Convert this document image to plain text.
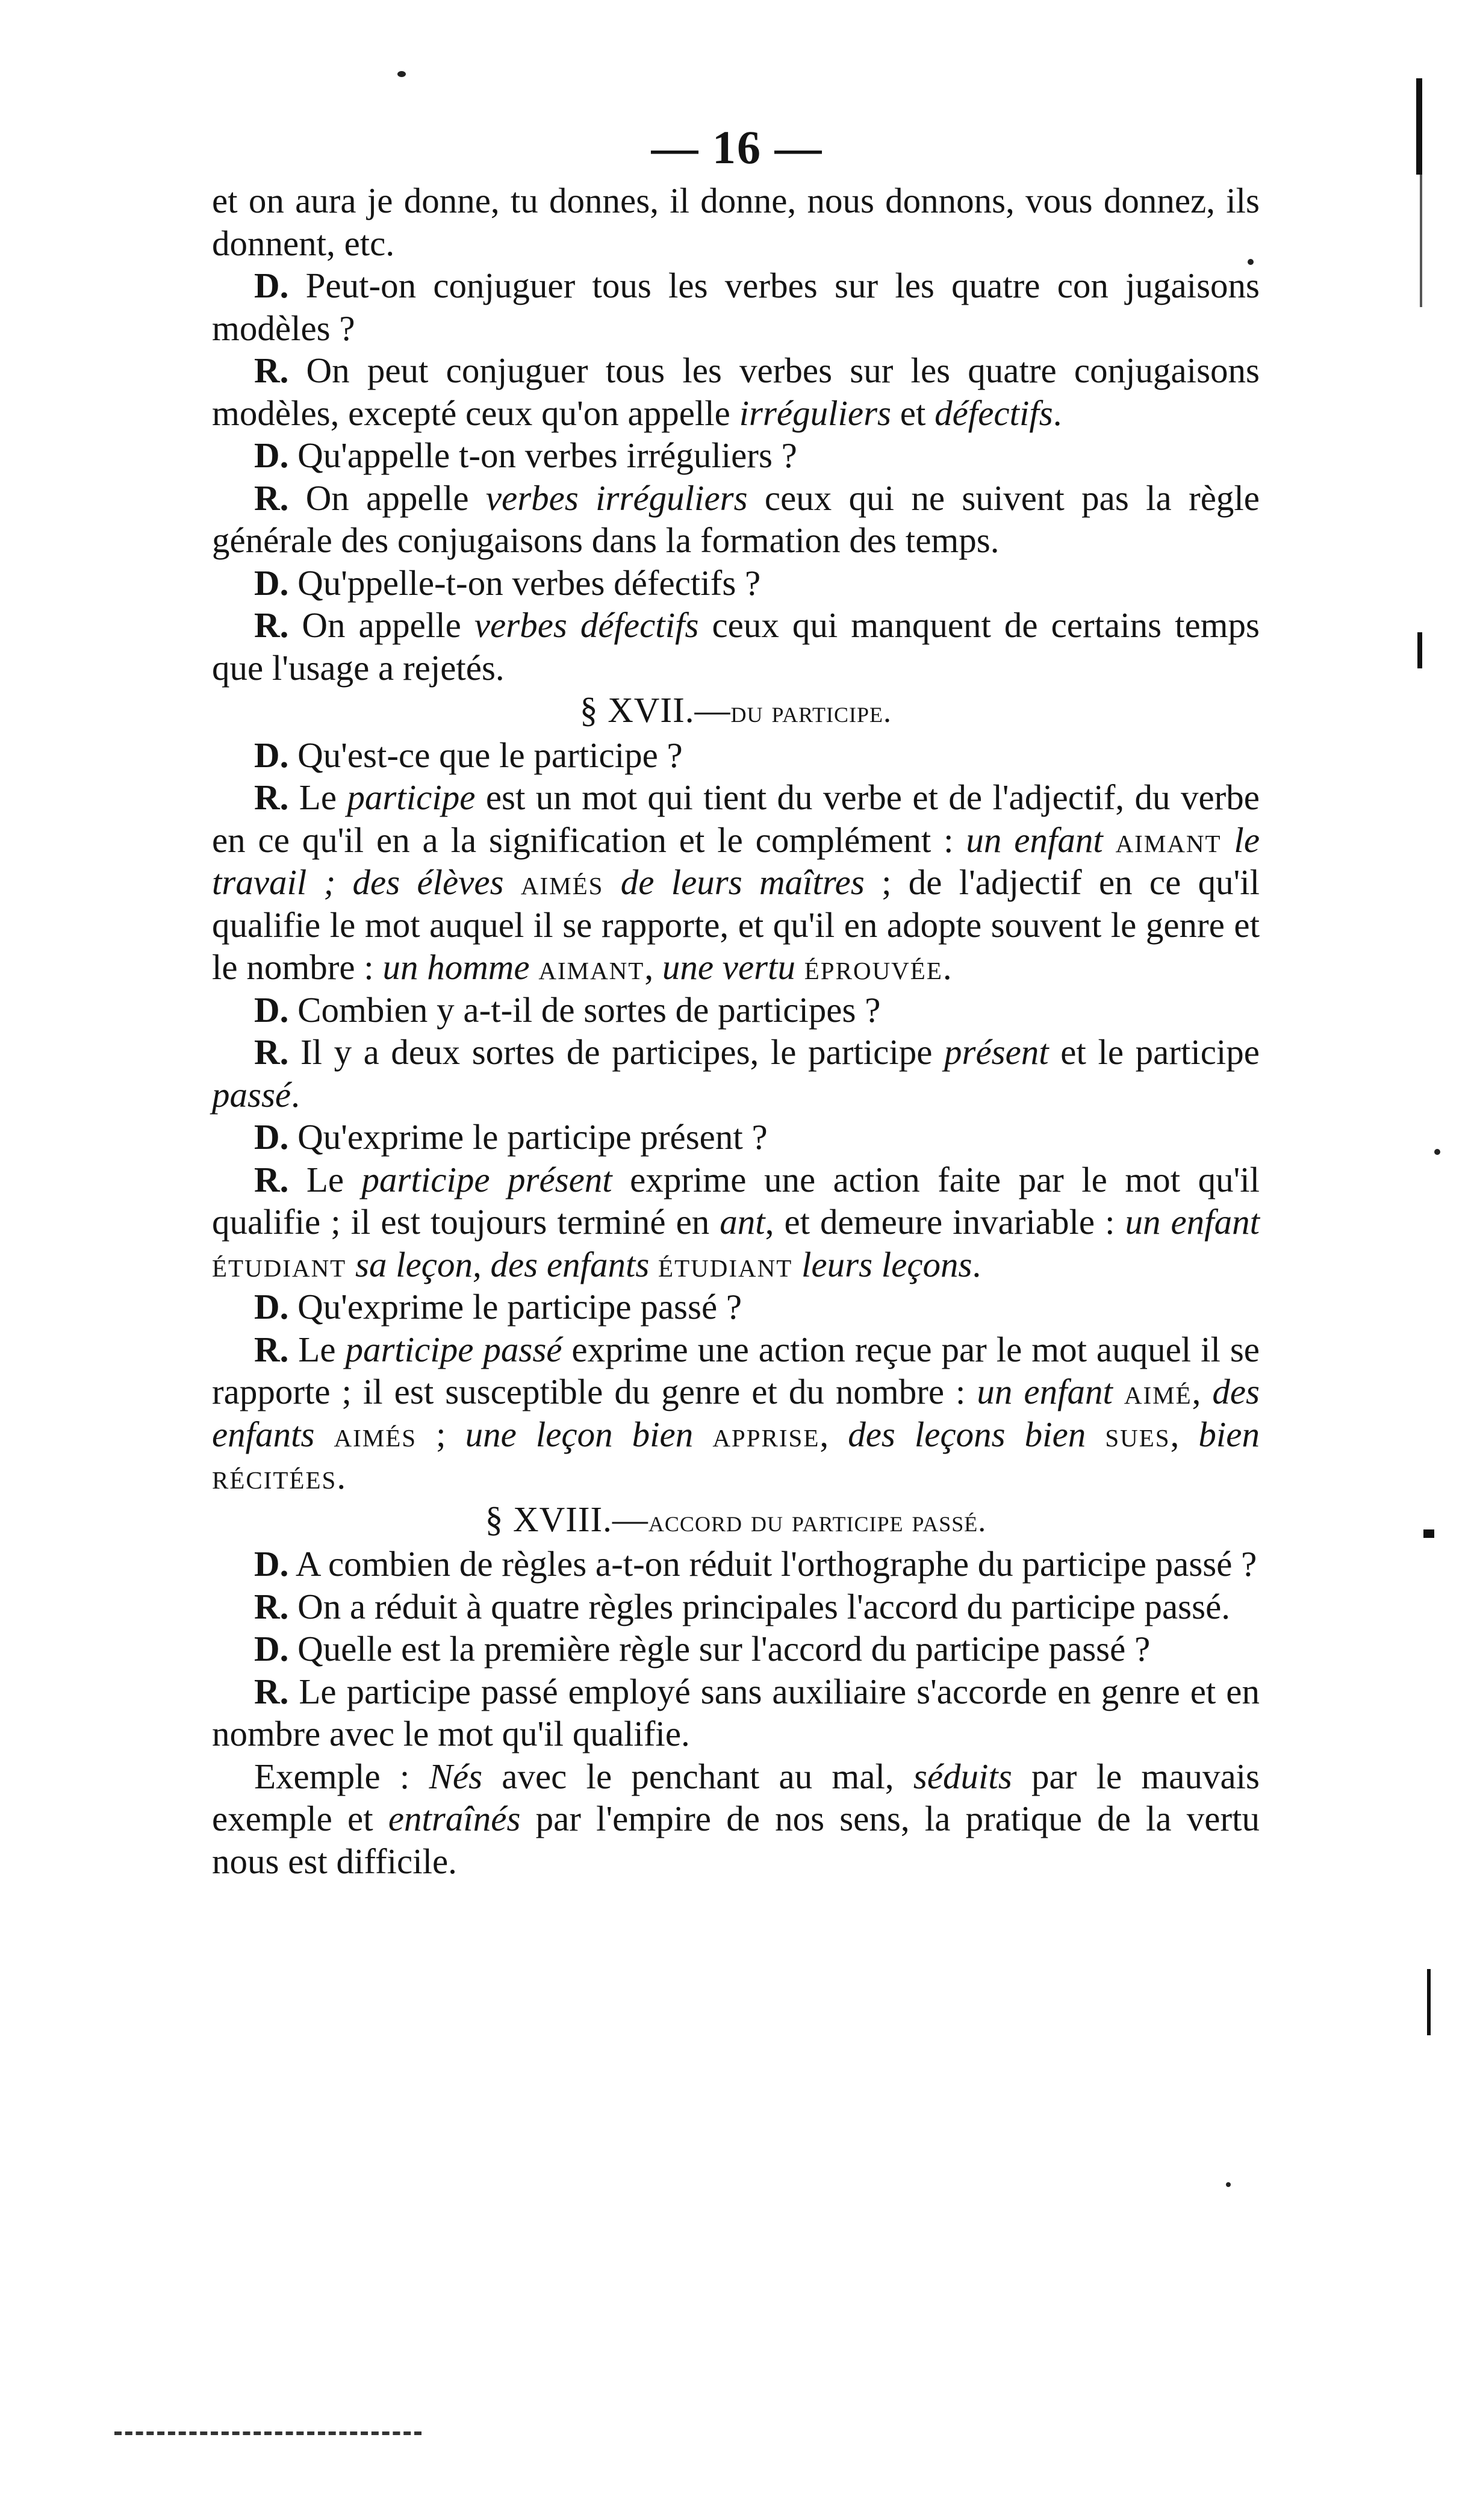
— 16 —

et on aura je donne, tu donnes, il donne, nous donnons, vous donnez, ils donnent, etc.

D. Peut-on conjuguer tous les verbes sur les quatre con jugaisons modèles ?

R. On peut conjuguer tous les verbes sur les quatre conjugaisons modèles, excepté ceux qu'on appelle irréguliers et défectifs.

D. Qu'appelle t-on verbes irréguliers ?

R. On appelle verbes irréguliers ceux qui ne suivent pas la règle générale des conjugaisons dans la formation des temps.

D. Qu'ppelle-t-on verbes défectifs ?

R. On appelle verbes défectifs ceux qui manquent de certains temps que l'usage a rejetés.

§ XVII.—du participe.

D. Qu'est-ce que le participe ?

R. Le participe est un mot qui tient du verbe et de l'adjectif, du verbe en ce qu'il en a la signification et le complément : un enfant aimant le travail ; des élèves aimés de leurs maîtres ; de l'adjectif en ce qu'il qualifie le mot auquel il se rapporte, et qu'il en adopte souvent le genre et le nombre : un homme aimant, une vertu éprouvée.

D. Combien y a-t-il de sortes de participes ?

R. Il y a deux sortes de participes, le participe présent et le participe passé.

D. Qu'exprime le participe présent ?

R. Le participe présent exprime une action faite par le mot qu'il qualifie ; il est toujours terminé en ant, et demeure invariable : un enfant étudiant sa leçon, des enfants étudiant leurs leçons.

D. Qu'exprime le participe passé ?

R. Le participe passé exprime une action reçue par le mot auquel il se rapporte ; il est susceptible du genre et du nombre : un enfant aimé, des enfants aimés ; une leçon bien apprise, des leçons bien sues, bien récitées.

§ XVIII.—accord du participe passé.

D. A combien de règles a-t-on réduit l'orthographe du participe passé ?

R. On a réduit à quatre règles principales l'accord du participe passé.

D. Quelle est la première règle sur l'accord du participe passé ?

R. Le participe passé employé sans auxiliaire s'accorde en genre et en nombre avec le mot qu'il qualifie.

Exemple : Nés avec le penchant au mal, séduits par le mauvais exemple et entraînés par l'empire de nos sens, la pratique de la vertu nous est difficile.
